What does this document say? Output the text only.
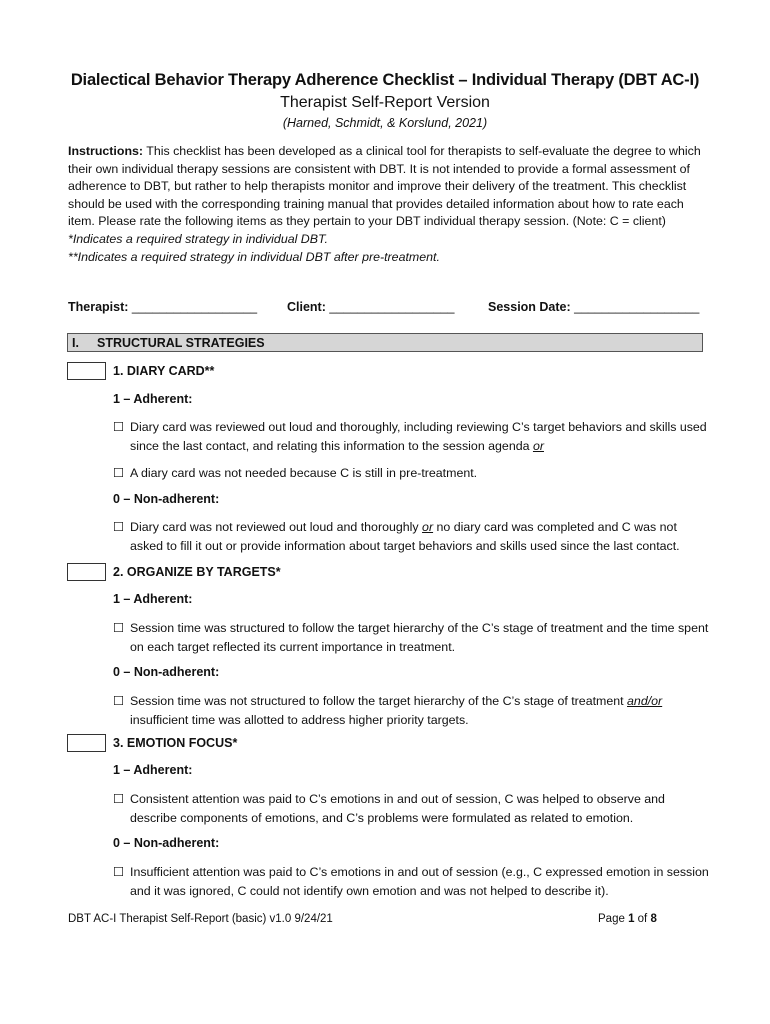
Dialectical Behavior Therapy Adherence Checklist – Individual Therapy (DBT AC-I)
Therapist Self-Report Version
(Harned, Schmidt, & Korslund, 2021)
Instructions: This checklist has been developed as a clinical tool for therapists to self-evaluate the degree to which their own individual therapy sessions are consistent with DBT. It is not intended to provide a formal assessment of adherence to DBT, but rather to help therapists monitor and improve their delivery of the treatment. This checklist should be used with the corresponding training manual that provides detailed information about how to rate each item. Please rate the following items as they pertain to your DBT individual therapy session. (Note: C = client)
*Indicates a required strategy in individual DBT.
**Indicates a required strategy in individual DBT after pre-treatment.
Therapist: __________________ Client: __________________	Session Date: __________________
I. STRUCTURAL STRATEGIES
1. DIARY CARD**
1 – Adherent:
☐ Diary card was reviewed out loud and thoroughly, including reviewing C’s target behaviors and skills used since the last contact, and relating this information to the session agenda or
☐ A diary card was not needed because C is still in pre-treatment.
0 – Non-adherent:
☐ Diary card was not reviewed out loud and thoroughly or no diary card was completed and C was not asked to fill it out or provide information about target behaviors and skills used since the last contact.
2. ORGANIZE BY TARGETS*
1 – Adherent:
☐ Session time was structured to follow the target hierarchy of the C’s stage of treatment and the time spent on each target reflected its current importance in treatment.
0 – Non-adherent:
☐ Session time was not structured to follow the target hierarchy of the C’s stage of treatment and/or insufficient time was allotted to address higher priority targets.
3. EMOTION FOCUS*
1 – Adherent:
☐ Consistent attention was paid to C’s emotions in and out of session, C was helped to observe and describe components of emotions, and C’s problems were formulated as related to emotion.
0 – Non-adherent:
☐ Insufficient attention was paid to C’s emotions in and out of session (e.g., C expressed emotion in session and it was ignored, C could not identify own emotion and was not helped to describe it).
DBT AC-I Therapist Self-Report (basic) v1.0 9/24/21	Page 1 of 8
